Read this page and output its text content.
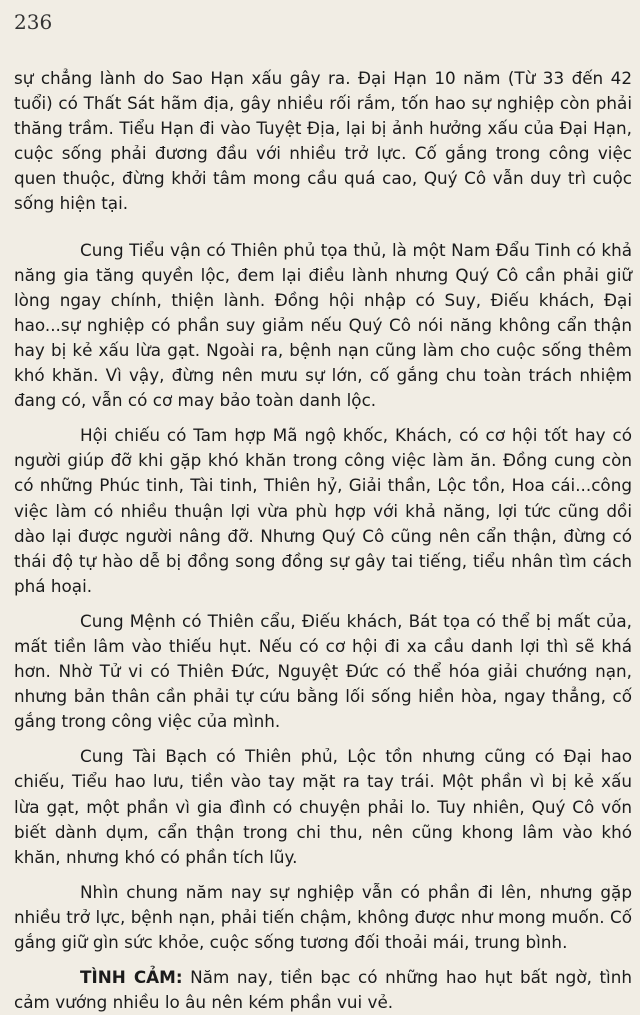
236

sự chẳng lành do Sao Hạn xấu gây ra. Đại Hạn 10 năm (Từ 33 đến 42 tuổi) có Thất Sát hãm địa, gây nhiều rối rắm, tốn hao sự nghiệp còn phải thăng trầm. Tiểu Hạn đi vào Tuyệt Địa, lại bị ảnh hưởng xấu của Đại Hạn, cuộc sống phải đương đầu với nhiều trở lực. Cố gắng trong công việc quen thuộc, đừng khởi tâm mong cầu quá cao, Quý Cô vẫn duy trì cuộc sống hiện tại.

Cung Tiểu vận có Thiên phủ tọa thủ, là một Nam Đẩu Tinh có khả năng gia tăng quyền lộc, đem lại điều lành nhưng Quý Cô cần phải giữ lòng ngay chính, thiện lành. Đồng hội nhập có Suy, Điếu khách, Đại hao...sự nghiệp có phần suy giảm nếu Quý Cô nói năng không cẩn thận hay bị kẻ xấu lừa gạt. Ngoài ra, bệnh nạn cũng làm cho cuộc sống thêm khó khăn. Vì vậy, đừng nên mưu sự lớn, cố gắng chu toàn trách nhiệm đang có, vẫn có cơ may bảo toàn danh lộc.

Hội chiếu có Tam hợp Mã ngộ khốc, Khách, có cơ hội tốt hay có người giúp đỡ khi gặp khó khăn trong công việc làm ăn. Đồng cung còn có những Phúc tinh, Tài tinh, Thiên hỷ, Giải thần, Lộc tồn, Hoa cái...công việc làm có nhiều thuận lợi vừa phù hợp với khả năng, lợi tức cũng dồi dào lại được người nâng đỡ. Nhưng Quý Cô cũng nên cẩn thận, đừng có thái độ tự hào dễ bị đồng song đồng sự gây tai tiếng, tiểu nhân tìm cách phá hoại.

Cung Mệnh có Thiên cẩu, Điếu khách, Bát tọa có thể bị mất của, mất tiền lâm vào thiếu hụt. Nếu có cơ hội đi xa cầu danh lợi thì sẽ khá hơn. Nhờ Tử vi có Thiên Đức, Nguyệt Đức có thể hóa giải chướng nạn, nhưng bản thân cần phải tự cứu bằng lối sống hiền hòa, ngay thẳng, cố gắng trong công việc của mình.

Cung Tài Bạch có Thiên phủ, Lộc tồn nhưng cũng có Đại hao chiếu, Tiểu hao lưu, tiền vào tay mặt ra tay trái. Một phần vì bị kẻ xấu lừa gạt, một phần vì gia đình có chuyện phải lo. Tuy nhiên, Quý Cô vốn biết dành dụm, cẩn thận trong chi thu, nên cũng khong lâm vào khó khăn, nhưng khó có phần tích lũy.

Nhìn chung năm nay sự nghiệp vẫn có phần đi lên, nhưng gặp nhiều trở lực, bệnh nạn, phải tiến chậm, không được như mong muốn. Cố gắng giữ gìn sức khỏe, cuộc sống tương đối thoải mái, trung bình.

TÌNH CẢM: Năm nay, tiền bạc có những hao hụt bất ngờ, tình cảm vướng nhiều lo âu nên kém phần vui vẻ.
